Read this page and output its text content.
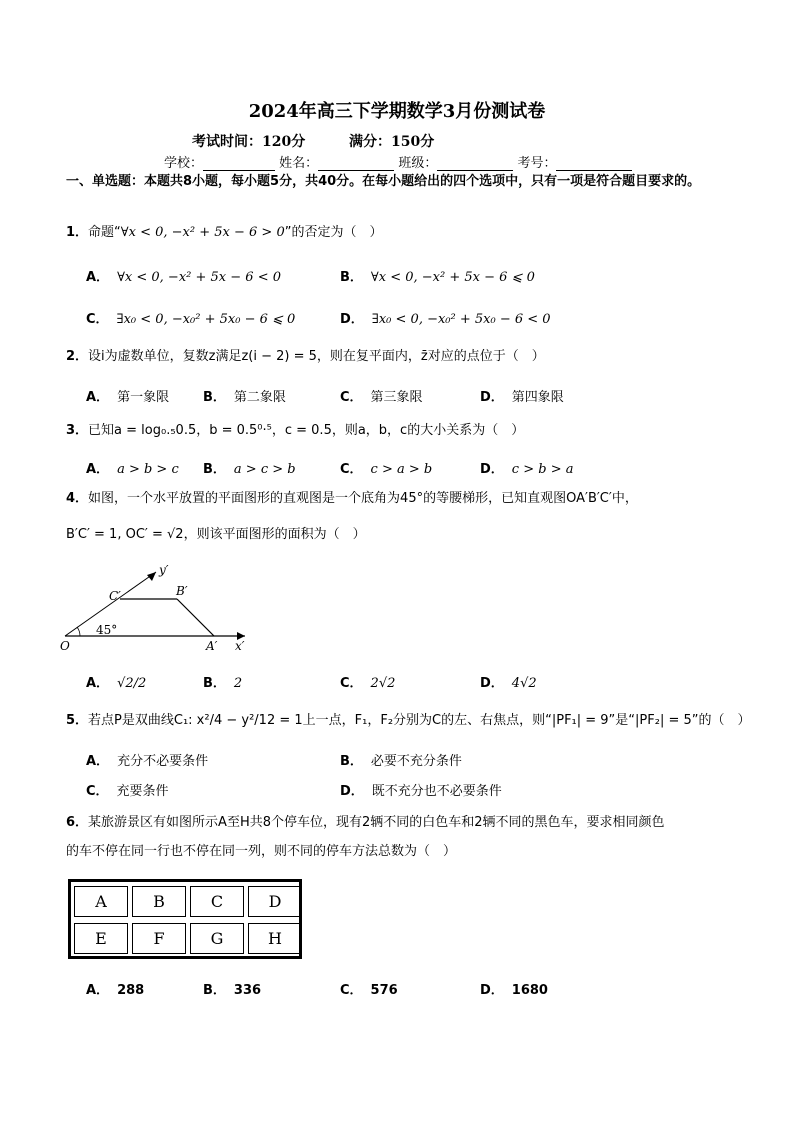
2024年高三下学期数学3月份测试卷
考试时间：120分	满分：150分
学校：	姓名：	班级：	考号：
一、单选题：本题共8小题，每小题5分，共40分。在每小题给出的四个选项中，只有一项是符合题目要求的。
1．命题“∀x < 0, −x² + 5x − 6 > 0”的否定为（　）
A． ∀x < 0, −x² + 5x − 6 < 0	B． ∀x < 0, −x² + 5x − 6 ⩽ 0
C． ∃x₀ < 0, −x₀² + 5x₀ − 6 ⩽ 0	D． ∃x₀ < 0, −x₀² + 5x₀ − 6 < 0
2．设i为虚数单位，复数z满足z(i − 2) = 5，则在复平面内，z̄对应的点位于（　）
A． 第一象限	B． 第二象限	C． 第三象限	D． 第四象限
3．已知a = log₀.₅0.5，b = 0.5⁰·⁵，c = 0.5，则a，b，c的大小关系为（　）
A． a > b > c B． a > c > b	C． c > a > b	D． c > b > a
4．如图，一个水平放置的平面图形的直观图是一个底角为45°的等腰梯形，已知直观图OA′B′C′中，
B′C′ = 1, OC′ = √2，则该平面图形的面积为（　）
y′
x′
O	A′
B′
C′
45°
A． √2/2	B． 2	C． 2√2	D． 4√2
5．若点P是双曲线C₁: x²/4 − y²/12 = 1上一点，F₁，F₂分别为C的左、右焦点，则“|PF₁| = 9”是“|PF₂| = 5”的（　）
A． 充分不必要条件	B． 必要不充分条件
C． 充要条件	D． 既不充分也不必要条件
6．某旅游景区有如图所示A至H共8个停车位，现有2辆不同的白色车和2辆不同的黑色车，要求相同颜色
的车不停在同一行也不停在同一列，则不同的停车方法总数为（　）
A	B	C	D
E	F	G	H
A． 288	B． 336	C． 576	D． 1680
